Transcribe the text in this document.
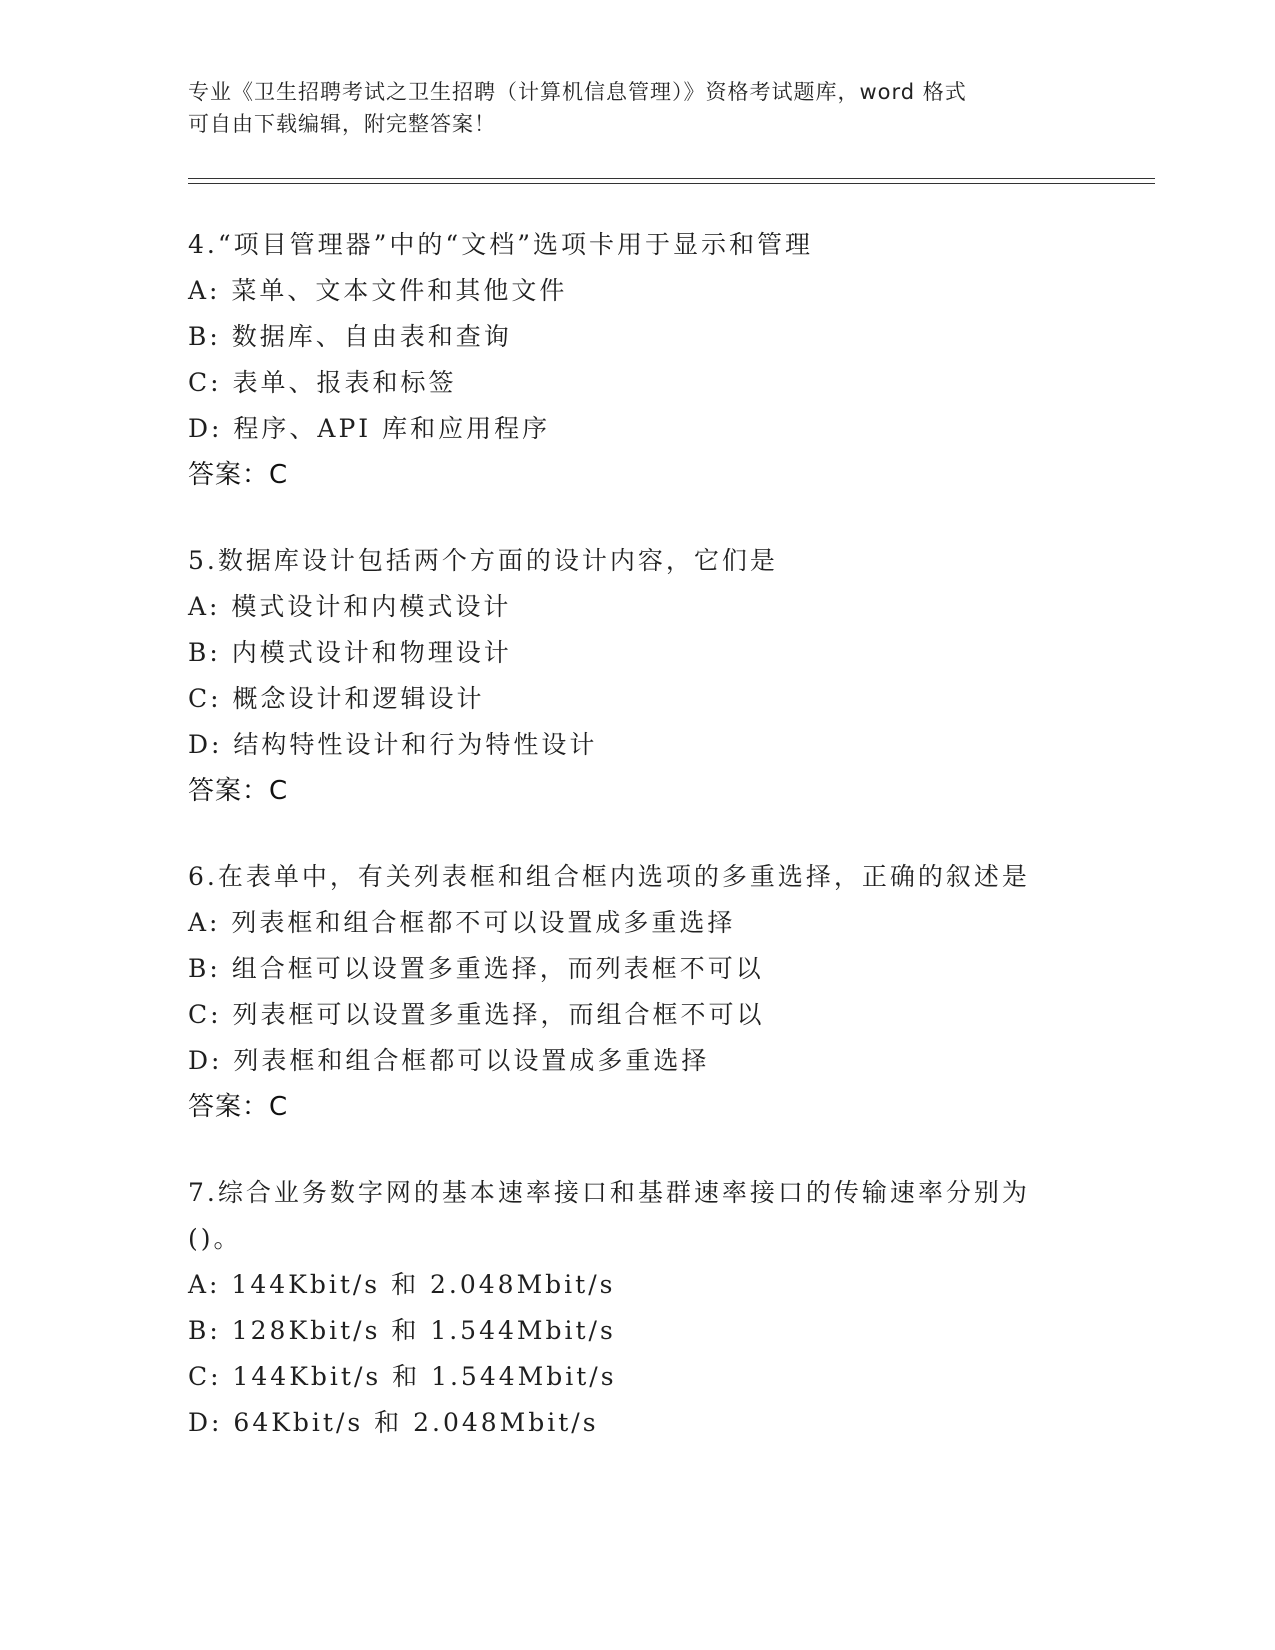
专业《卫生招聘考试之卫生招聘（计算机信息管理）》资格考试题库，word 格式
可自由下载编辑，附完整答案！
4.“项目管理器”中的“文档”选项卡用于显示和管理
A: 菜单、文本文件和其他文件
B: 数据库、自由表和查询
C: 表单、报表和标签
D: 程序、API 库和应用程序
答案：C
5.数据库设计包括两个方面的设计内容，它们是
A: 模式设计和内模式设计
B: 内模式设计和物理设计
C: 概念设计和逻辑设计
D: 结构特性设计和行为特性设计
答案：C
6.在表单中，有关列表框和组合框内选项的多重选择，正确的叙述是
A: 列表框和组合框都不可以设置成多重选择
B: 组合框可以设置多重选择，而列表框不可以
C: 列表框可以设置多重选择，而组合框不可以
D: 列表框和组合框都可以设置成多重选择
答案：C
7.综合业务数字网的基本速率接口和基群速率接口的传输速率分别为
()。
A: 144Kbit/s 和 2.048Mbit/s
B: 128Kbit/s 和 1.544Mbit/s
C: 144Kbit/s 和 1.544Mbit/s
D: 64Kbit/s 和 2.048Mbit/s
